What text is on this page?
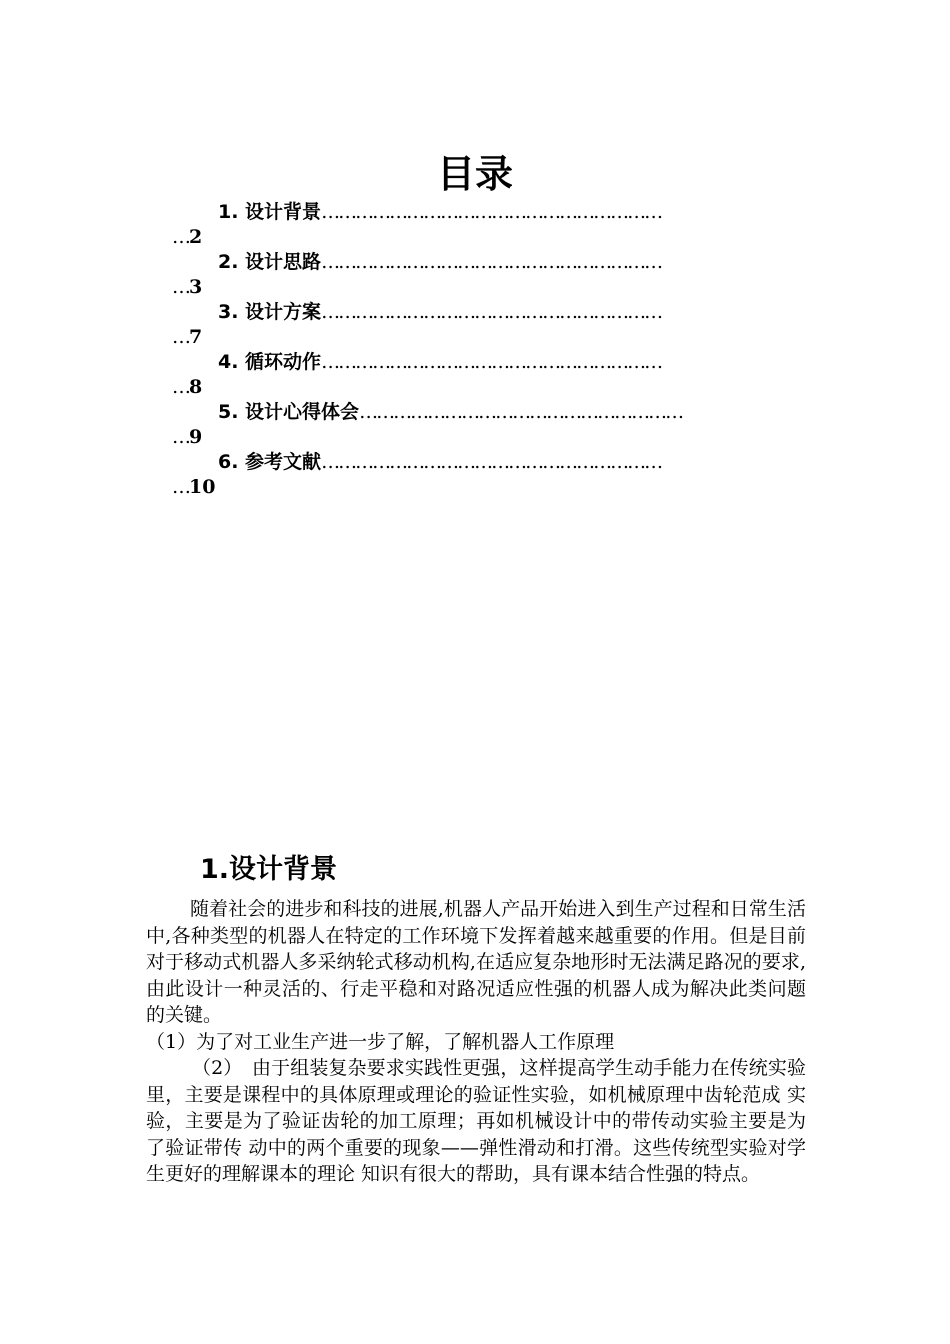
目录
1. 设计背景……………………………………………………
…2
2. 设计思路……………………………………………………
…3
3. 设计方案……………………………………………………
…7
4. 循环动作……………………………………………………
…8
5. 设计心得体会…………………………………………………
…9
6. 参考文献……………………………………………………
…10
1.设计背景

随着社会的进步和科技的进展,机器人产品开始进入到生产过程和日常生活中,各种类型的机器人在特定的工作环境下发挥着越来越重要的作用。但是目前对于移动式机器人多采纳轮式移动机构,在适应复杂地形时无法满足路况的要求,由此设计一种灵活的、行走平稳和对路况适应性强的机器人成为解决此类问题的关键。

（1）为了对工业生产进一步了解，了解机器人工作原理

（2）　由于组装复杂要求实践性更强，这样提高学生动手能力在传统实验里，主要是课程中的具体原理或理论的验证性实验，如机械原理中齿轮范成 实验，主要是为了验证齿轮的加工原理；再如机械设计中的带传动实验主要是为了验证带传 动中的两个重要的现象——弹性滑动和打滑。这些传统型实验对学生更好的理解课本的理论 知识有很大的帮助，具有课本结合性强的特点。
